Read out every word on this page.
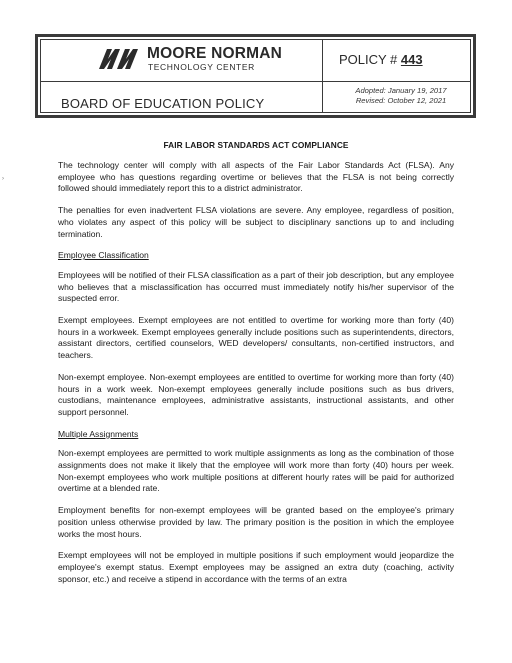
›
MOORE NORMAN
TECHNOLOGY CENTER
BOARD OF EDUCATION POLICY
POLICY # 443
Adopted: January 19, 2017
Revised: October 12, 2021
FAIR LABOR STANDARDS ACT COMPLIANCE

The technology center will comply with all aspects of the Fair Labor Standards Act (FLSA). Any employee who has questions regarding overtime or believes that the FLSA is not being correctly followed should immediately report this to a district administrator.

The penalties for even inadvertent FLSA violations are severe. Any employee, regardless of position, who violates any aspect of this policy will be subject to disciplinary sanctions up to and including termination.

Employee Classification

Employees will be notified of their FLSA classification as a part of their job description, but any employee who believes that a misclassification has occurred must immediately notify his/her supervisor of the suspected error.

Exempt employees. Exempt employees are not entitled to overtime for working more than forty (40) hours in a workweek. Exempt employees generally include positions such as superintendents, directors, assistant directors, certified counselors, WED developers/ consultants, non-certified instructors, and teachers.

Non-exempt employee. Non-exempt employees are entitled to overtime for working more than forty (40) hours in a work week. Non-exempt employees generally include positions such as bus drivers, custodians, maintenance employees, administrative assistants, instructional assistants, and other support personnel.

Multiple Assignments

Non-exempt employees are permitted to work multiple assignments as long as the combination of those assignments does not make it likely that the employee will work more than forty (40) hours per week. Non-exempt employees who work multiple positions at different hourly rates will be paid for authorized overtime at a blended rate.

Employment benefits for non-exempt employees will be granted based on the employee's primary position unless otherwise provided by law. The primary position is the position in which the employee works the most hours.

Exempt employees will not be employed in multiple positions if such employment would jeopardize the employee's exempt status. Exempt employees may be assigned an extra duty (coaching, activity sponsor, etc.) and receive a stipend in accordance with the terms of an extra
